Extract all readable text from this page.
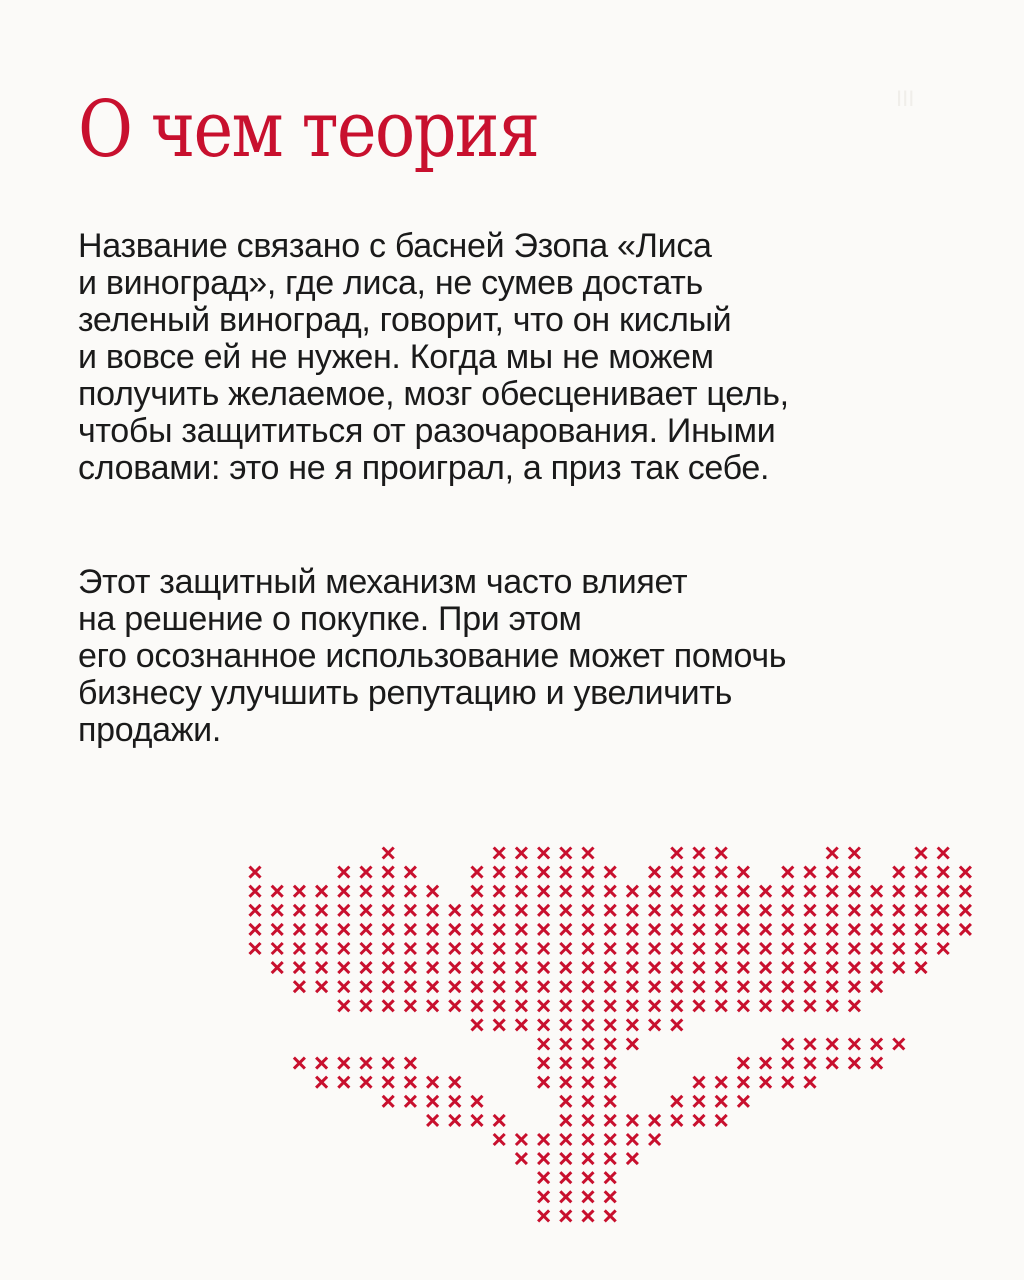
О чем теория	III
Название связано с басней Эзопа «Лиса
и виноград», где лиса, не сумев достать
зеленый виноград, говорит, что он кислый
и вовсе ей не нужен. Когда мы не можем
получить желаемое, мозг обесценивает цель,
чтобы защититься от разочарования. Иными
словами: это не я проиграл, а приз так себе.
Этот защитный механизм часто влияет
на решение о покупке. При этом
его осознанное использование может помочь
бизнесу улучшить репутацию и увеличить
продажи.
